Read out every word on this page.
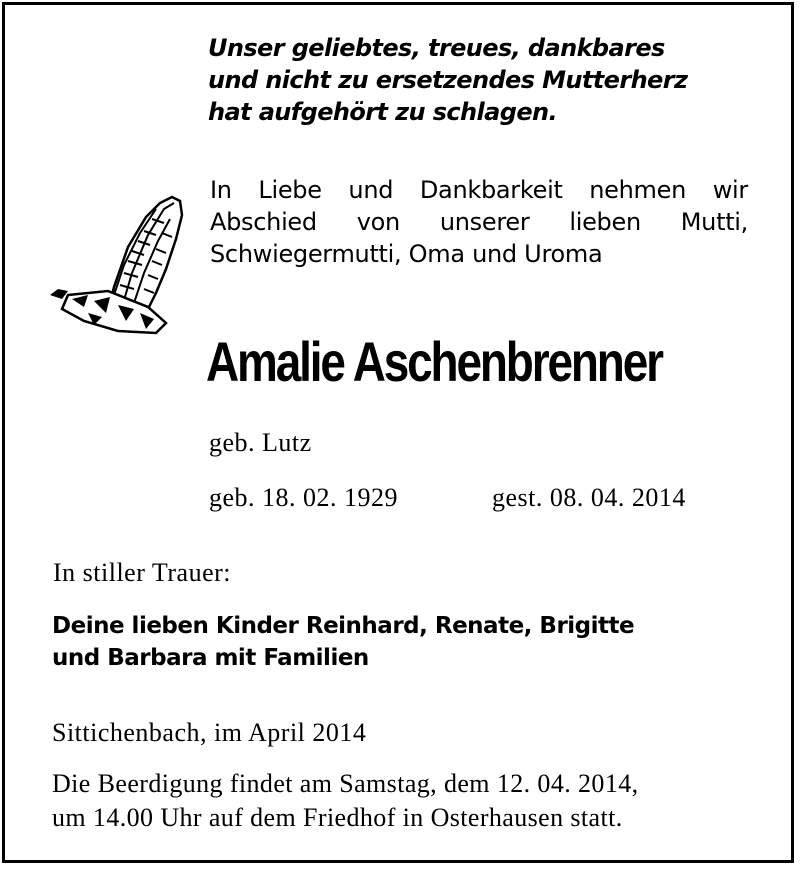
Unser geliebtes, treues, dankbares
und nicht zu ersetzendes Mutterherz
hat aufgehört zu schlagen.
In Liebe und Dankbarkeit nehmen wir
Abschied von unserer lieben Mutti,
Schwiegermutti, Oma und Uroma
Amalie Aschenbrenner
geb. Lutz
geb. 18. 02. 1929	gest. 08. 04. 2014
In stiller Trauer:
Deine lieben Kinder Reinhard, Renate, Brigitte
und Barbara mit Familien
Sittichenbach, im April 2014
Die Beerdigung findet am Samstag, dem 12. 04. 2014,
um 14.00 Uhr auf dem Friedhof in Osterhausen statt.
